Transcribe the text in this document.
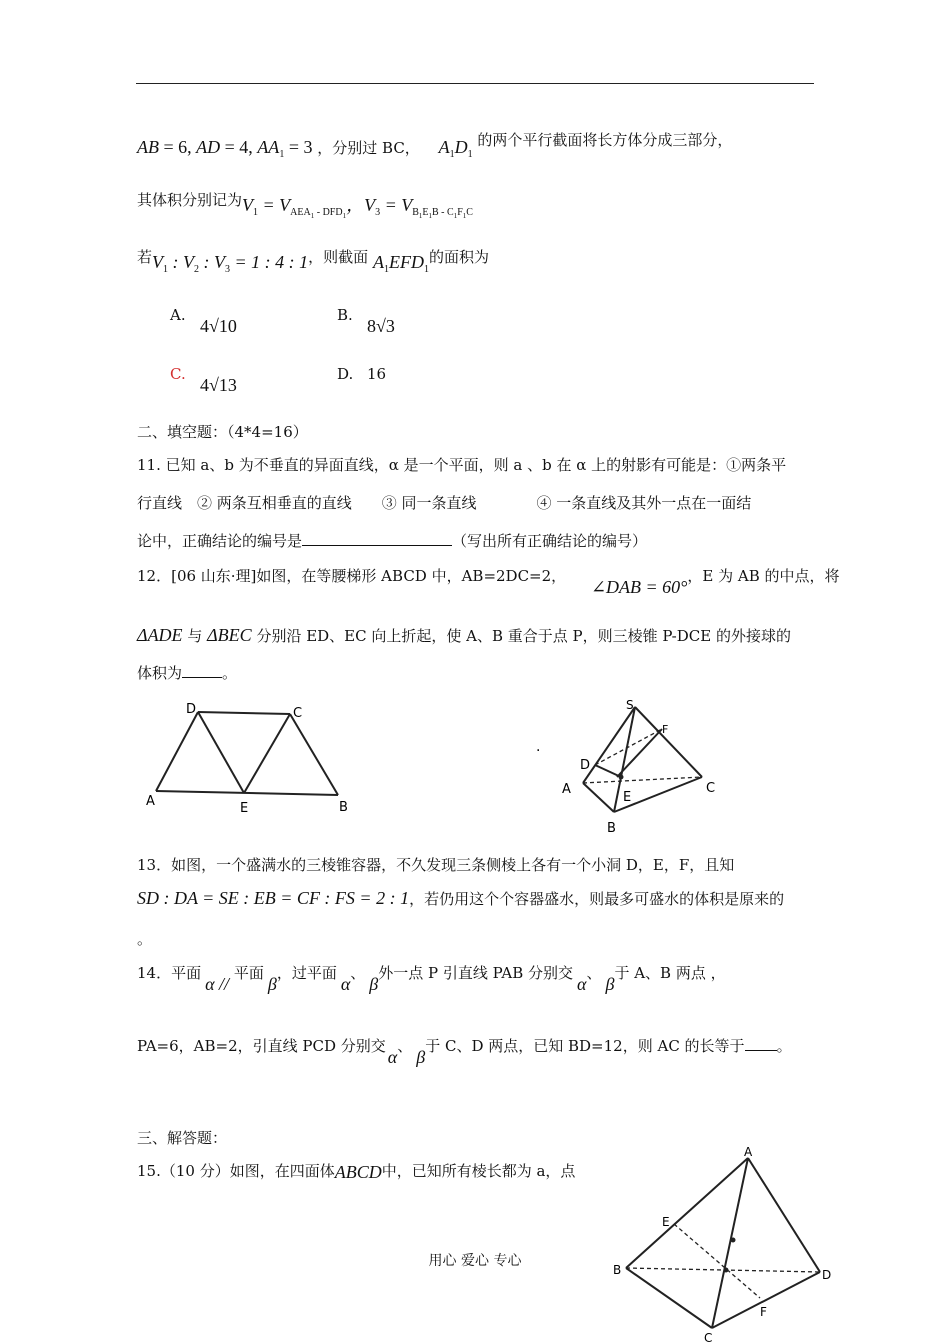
AB = 6, AD = 4, $AA_1 = 3$ ，分别过 BC， $A_1D_1$ 的两个平行截面将长方体分成三部分，
其体积分别记为$V_1 = V_{AEA_1 - DFD_1}$，$V_3 = V_{B_1E_1B - C_1F_1C}$
若$V_1$ : $V_2$ : $V_3 = 1$ : 4 : 1，则截面 $A_1EFD_1$的面积为
A.
4√10
B.
8√3
C.
4√13
D. 16
二、填空题：（4*4=16）
11. 已知 a、b 为不垂直的异面直线，α 是一个平面，则 a 、b 在 α 上的射影有可能是：①两条平
行直线　② 两条互相垂直的直线　　③ 同一条直线　　　　④ 一条直线及其外一点在一面结
论中，正确结论的编号是	（写出所有正确结论的编号）
12．[06 山东·理]如图，在等腰梯形 ABCD 中，AB=2DC=2， ∠DAB = 60°，E 为 AB 的中点，将
ΔADE 与 ΔBEC 分别沿 ED、EC 向上折起，使 A、B 重合于点 P，则三棱锥 P-DCE 的外接球的
体积为	。
D	C
A	E	B
·
S
F
D
A
E
C
B
13．如图，一个盛满水的三棱锥容器，不久发现三条侧棱上各有一个小洞 D，E，F，且知
SD : DA = SE : EB = CF : FS = 2 : 1，若仍用这个个容器盛水，则最多可盛水的体积是原来的
。
14．平面α // 平面β，过平面α、β外一点 P 引直线 PAB 分别交α、β于 A、B 两点 ，
PA=6，AB=2，引直线 PCD 分别交α、β于 C、D 两点，已知 BD=12，则 AC 的长等于 。
三、解答题：
15.（10 分）如图，在四面体ABCD中，已知所有棱长都为 a，点
A
E
B	D
F
C
用心 爱心 专心
